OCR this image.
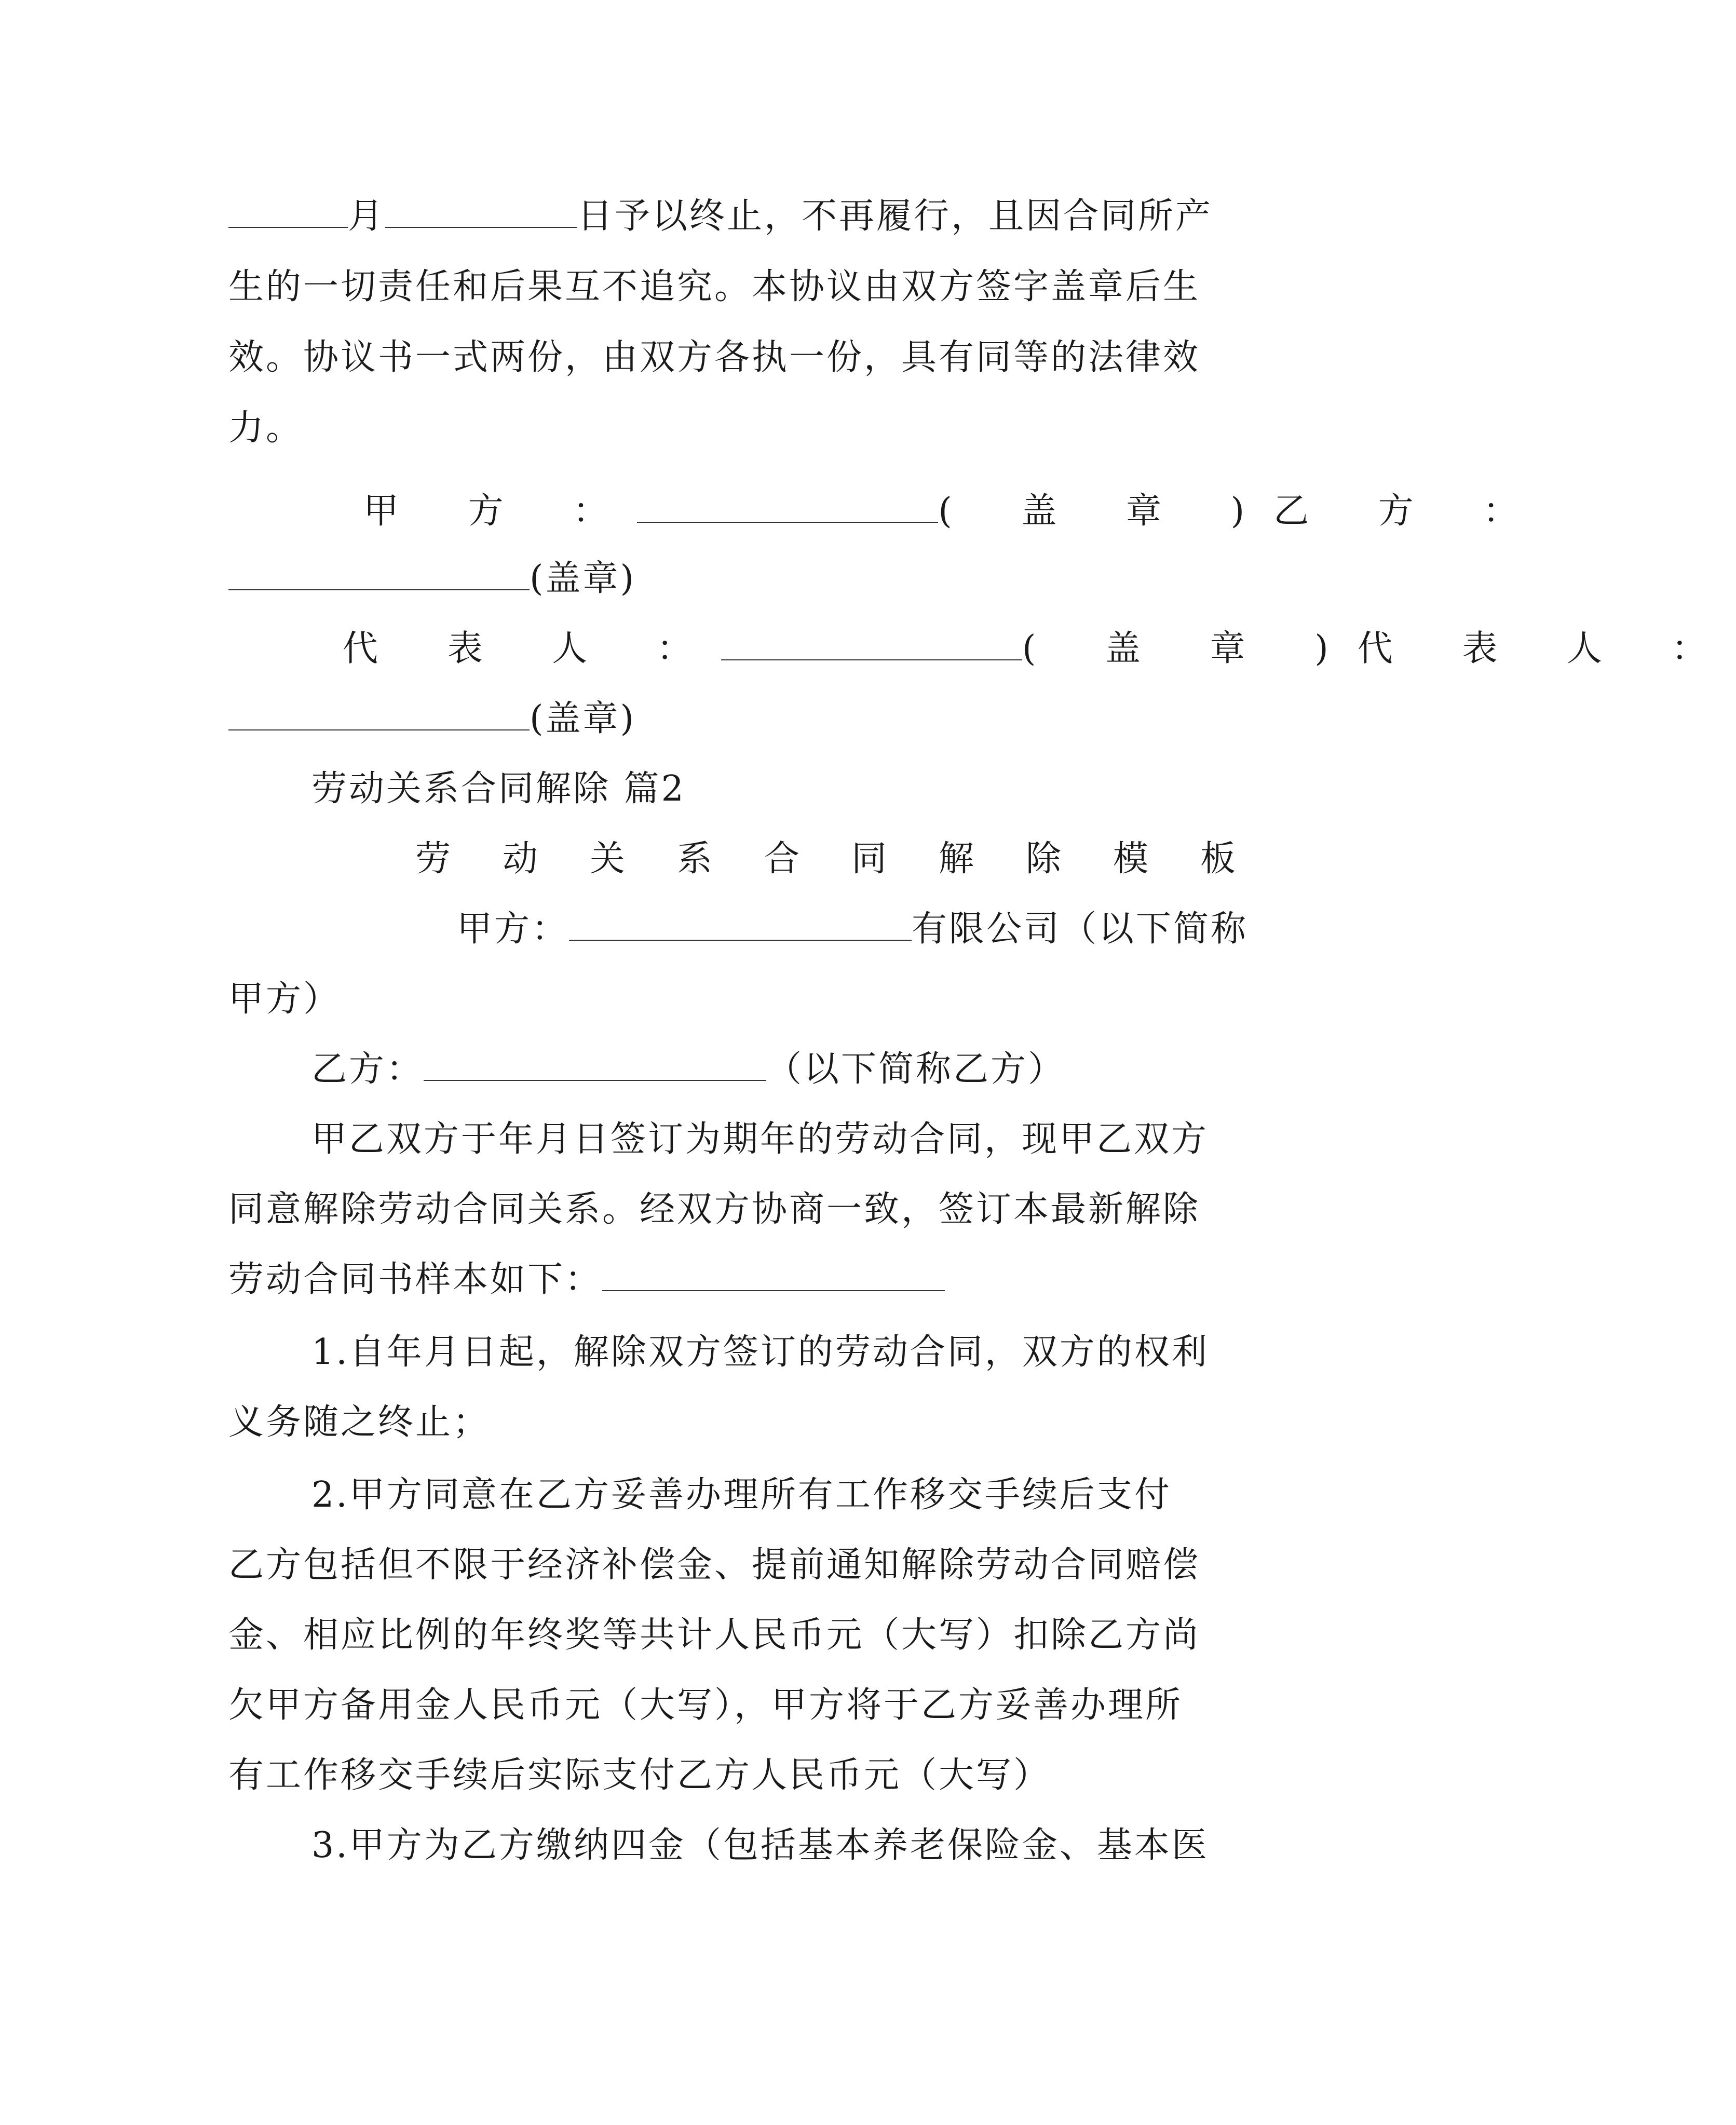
月	日予以终止，不再履行，且因合同所产
生的一切责任和后果互不追究。本协议由双方签字盖章后生
效。协议书一式两份，由双方各执一份，具有同等的法律效
力。
甲 方 ：	( 盖 章 )乙 方 ：
(盖章)
代 表 人 ：	( 盖 章 )代 表 人 ：
(盖章)
劳动关系合同解除 篇2
劳动关系合同解除模板
甲方：	有限公司（以下简称
甲方）
乙方：	（以下简称乙方）
甲乙双方于年月日签订为期年的劳动合同，现甲乙双方
同意解除劳动合同关系。经双方协商一致，签订本最新解除
劳动合同书样本如下：
1.自年月日起，解除双方签订的劳动合同，双方的权利
义务随之终止；
2.甲方同意在乙方妥善办理所有工作移交手续后支付
乙方包括但不限于经济补偿金、提前通知解除劳动合同赔偿
金、相应比例的年终奖等共计人民币元（大写）扣除乙方尚
欠甲方备用金人民币元（大写），甲方将于乙方妥善办理所
有工作移交手续后实际支付乙方人民币元（大写）
3.甲方为乙方缴纳四金（包括基本养老保险金、基本医
